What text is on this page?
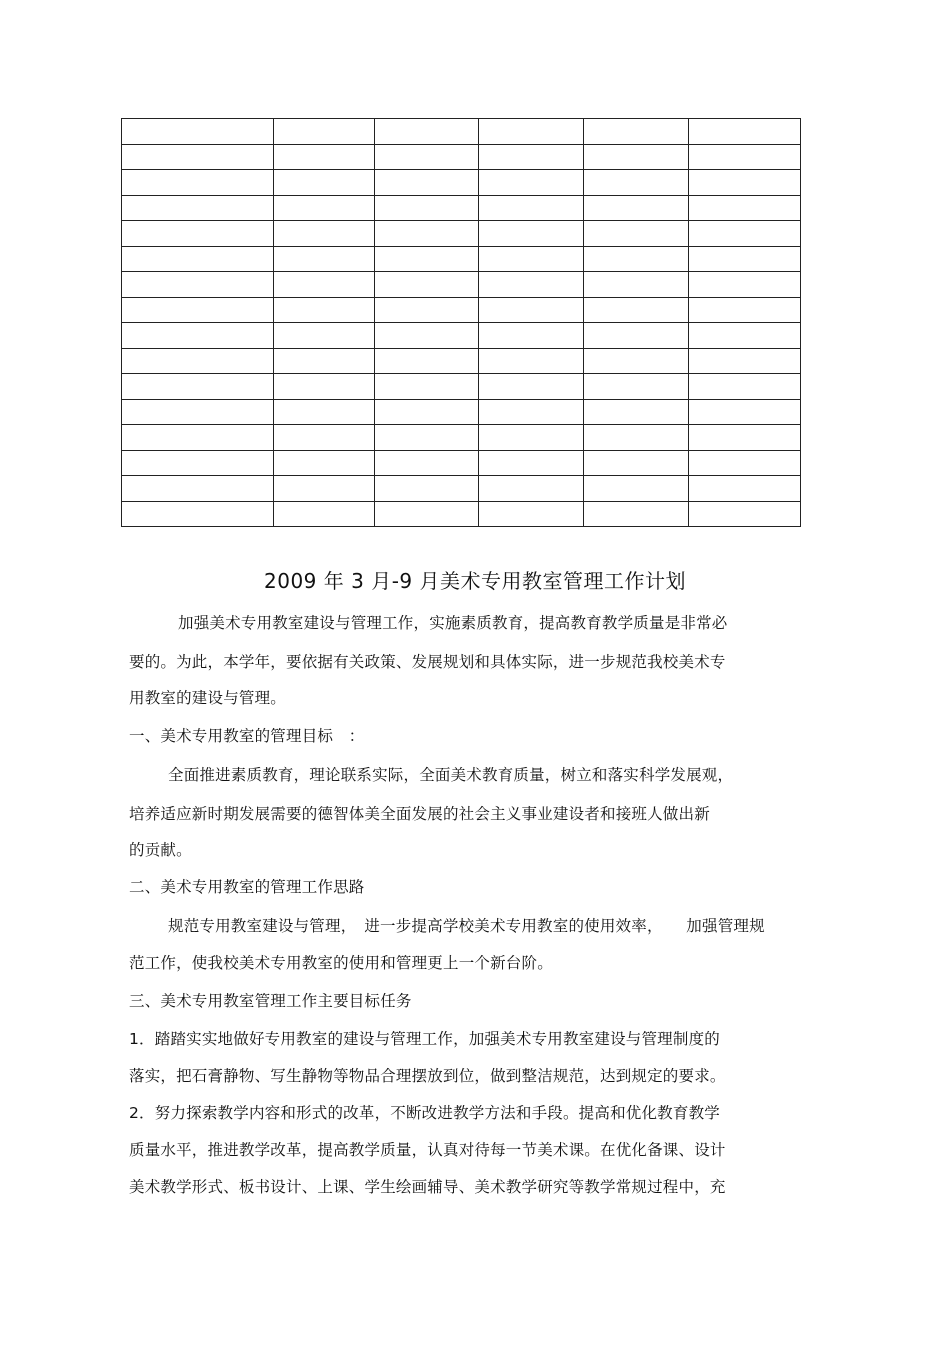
2009 年 3 月-9 月美术专用教室管理工作计划
加强美术专用教室建设与管理工作，实施素质教育，提高教育教学质量是非常必
要的。为此，本学年，要依据有关政策、发展规划和具体实际，进一步规范我校美术专
用教室的建设与管理。
一、美术专用教室的管理目标　：
全面推进素质教育，理论联系实际，全面美术教育质量，树立和落实科学发展观，
培养适应新时期发展需要的德智体美全面发展的社会主义事业建设者和接班人做出新
的贡献。
二、美术专用教室的管理工作思路
规范专用教室建设与管理，　进一步提高学校美术专用教室的使用效率，　　加强管理规
范工作，使我校美术专用教室的使用和管理更上一个新台阶。
三、美术专用教室管理工作主要目标任务
1．踏踏实实地做好专用教室的建设与管理工作，加强美术专用教室建设与管理制度的
落实，把石膏静物、写生静物等物品合理摆放到位，做到整洁规范，达到规定的要求。
2．努力探索教学内容和形式的改革，不断改进教学方法和手段。提高和优化教育教学
质量水平，推进教学改革，提高教学质量，认真对待每一节美术课。在优化备课、设计
美术教学形式、板书设计、上课、学生绘画辅导、美术教学研究等教学常规过程中，充
